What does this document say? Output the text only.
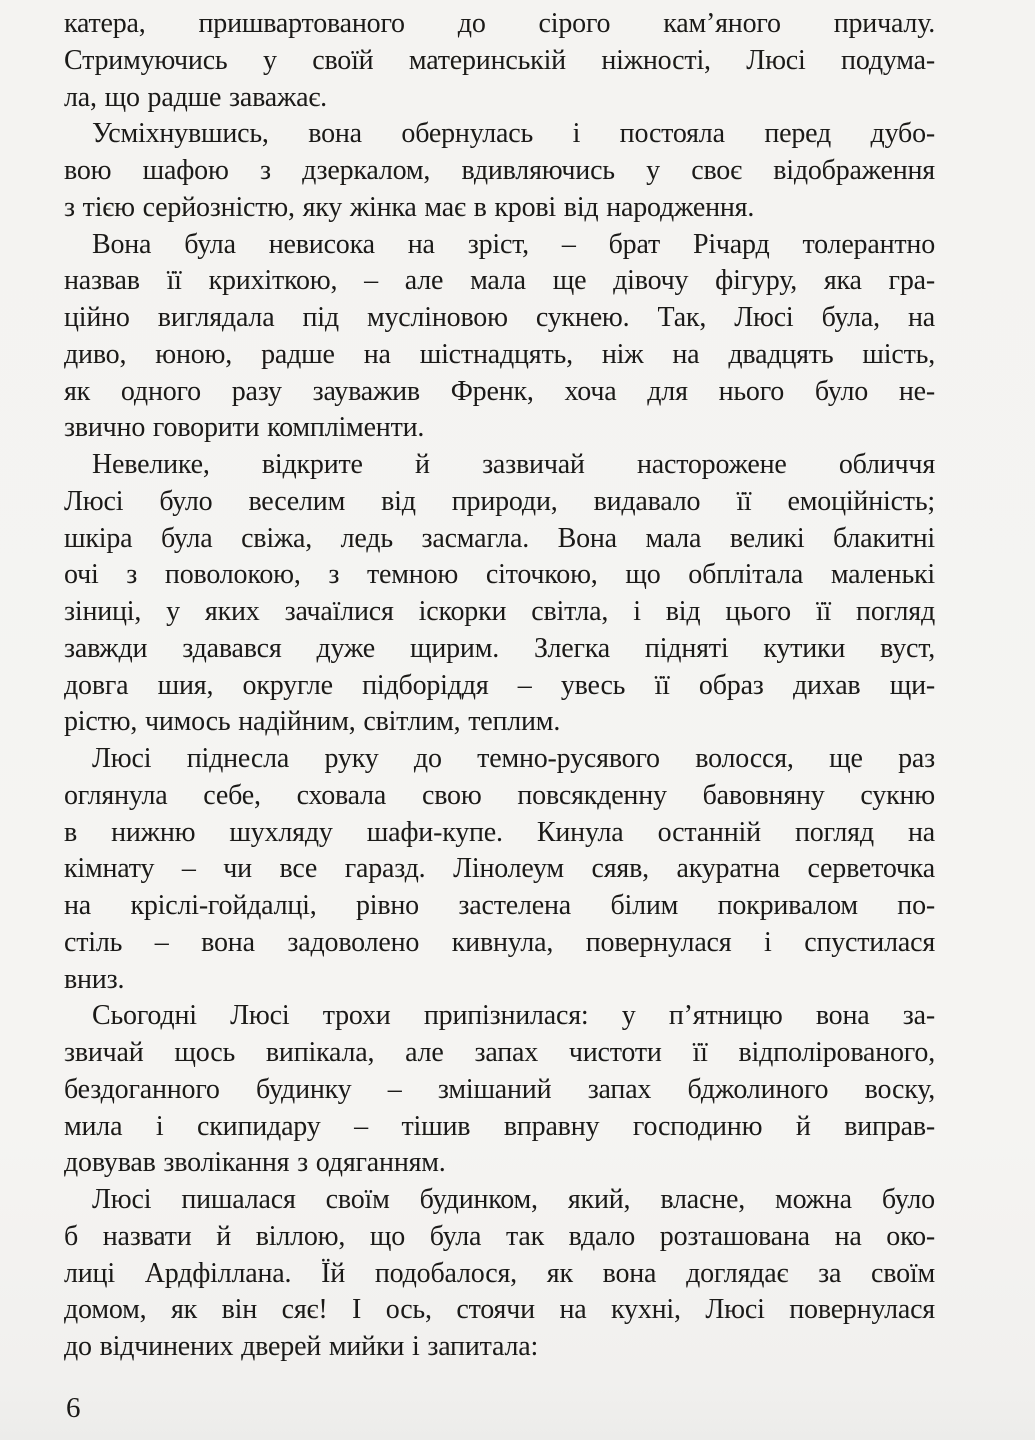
катера, пришвартованого до сірого кам’яного причалу.
Стримуючись у своїй материнській ніжності, Люсі подума-
ла, що радше заважає.
Усміхнувшись, вона обернулась і постояла перед дубо-
вою шафою з дзеркалом, вдивляючись у своє відображення
з тією серйозністю, яку жінка має в крові від народження.
Вона була невисока на зріст, – брат Річард толерантно
назвав її крихіткою, – але мала ще дівочу фігуру, яка гра-
ційно виглядала під мусліновою сукнею. Так, Люсі була, на
диво, юною, радше на шістнадцять, ніж на двадцять шість,
як одного разу зауважив Френк, хоча для нього було не-
звично говорити компліменти.
Невелике, відкрите й зазвичай насторожене обличчя
Люсі було веселим від природи, видавало її емоційність;
шкіра була свіжа, ледь засмагла. Вона мала великі блакитні
очі з поволокою, з темною сіточкою, що обплітала маленькі
зіниці, у яких зачаїлися іскорки світла, і від цього її погляд
завжди здавався дуже щирим. Злегка підняті кутики вуст,
довга шия, округле підборіддя – увесь її образ дихав щи-
рістю, чимось надійним, світлим, теплим.
Люсі піднесла руку до темно-русявого волосся, ще раз
оглянула себе, сховала свою повсякденну бавовняну сукню
в нижню шухляду шафи-купе. Кинула останній погляд на
кімнату – чи все гаразд. Лінолеум сяяв, акуратна серветочка
на кріслі-гойдалці, рівно застелена білим покривалом по-
стіль – вона задоволено кивнула, повернулася і спустилася
вниз.
Сьогодні Люсі трохи припізнилася: у п’ятницю вона за-
звичай щось випікала, але запах чистоти її відполірованого,
бездоганного будинку – змішаний запах бджолиного воску,
мила і скипидару – тішив вправну господиню й виправ-
довував зволікання з одяганням.
Люсі пишалася своїм будинком, який, власне, можна було
б назвати й віллою, що була так вдало розташована на око-
лиці Ардфіллана. Їй подобалося, як вона доглядає за своїм
домом, як він сяє! І ось, стоячи на кухні, Люсі повернулася
до відчинених дверей мийки і запитала:
6
